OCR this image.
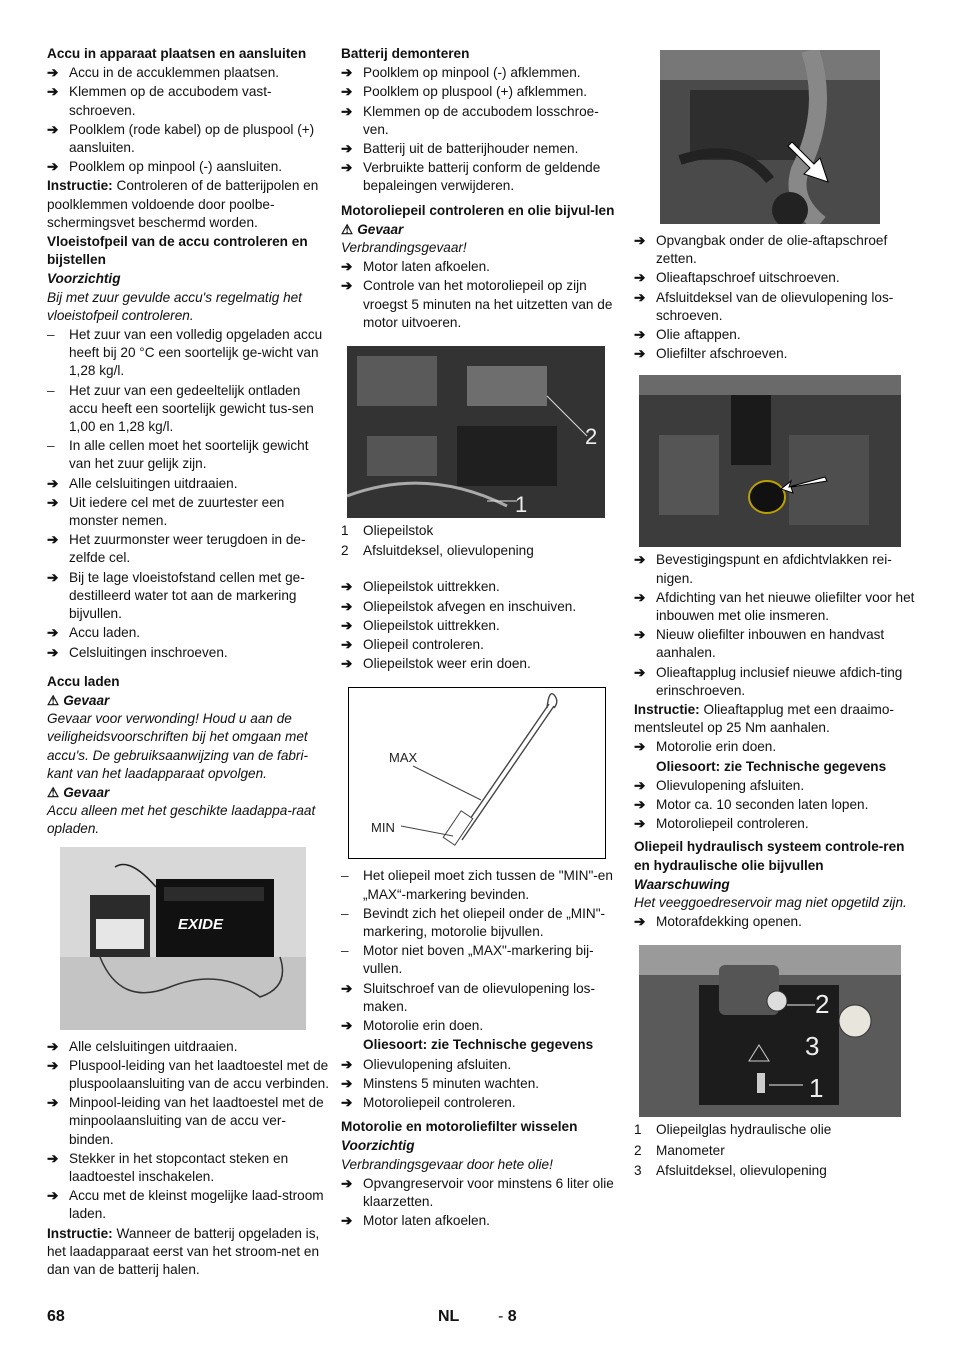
Accu in apparaat plaatsen en aansluiten
➔ Accu in de accuklemmen plaatsen.
➔ Klemmen op de accubodem vast-schroeven.
➔ Poolklem (rode kabel) op de pluspool (+) aansluiten.
➔ Poolklem op minpool (-) aansluiten.
Instructie: Controleren of de batterijpolen en poolklemmen voldoende door poolbe-schermingsvet beschermd worden.
Vloeistofpeil van de accu controleren en bijstellen
Voorzichtig
Bij met zuur gevulde accu's regelmatig het vloeistofpeil controleren.
–	Het zuur van een volledig opgeladen accu heeft bij 20 °C een soortelijk ge-wicht van 1,28 kg/l.
–	Het zuur van een gedeeltelijk ontladen accu heeft een soortelijk gewicht tus-sen 1,00 en 1,28 kg/l.
–	In alle cellen moet het soortelijk gewicht van het zuur gelijk zijn.
➔ Alle celsluitingen uitdraaien.
➔ Uit iedere cel met de zuurtester een monster nemen.
➔ Het zuurmonster weer terugdoen in de-zelfde cel.
➔ Bij te lage vloeistofstand cellen met ge-destilleerd water tot aan de markering bijvullen.
➔ Accu laden.
➔ Celsluitingen inschroeven.
Accu laden
⚠ Gevaar
Gevaar voor verwonding! Houd u aan de veiligheidsvoorschriften bij het omgaan met accu's. De gebruiksaanwijzing van de fabri-kant van het laadapparaat opvolgen.
⚠ Gevaar
Accu alleen met het geschikte laadappa-raat opladen.
EXIDE
➔ Alle celsluitingen uitdraaien.
➔ Pluspool-leiding van het laadtoestel met de pluspoolaansluiting van de accu verbinden.
➔ Minpool-leiding van het laadtoestel met de minpoolaansluiting van de accu ver-binden.
➔ Stekker in het stopcontact steken en laadtoestel inschakelen.
➔ Accu met de kleinst mogelijke laad-stroom laden.
Instructie: Wanneer de batterij opgeladen is, het laadapparaat eerst van het stroom-net en dan van de batterij halen.
Batterij demonteren
➔ Poolklem op minpool (-) afklemmen.
➔ Poolklem op pluspool (+) afklemmen.
➔ Klemmen op de accubodem losschroe-ven.
➔ Batterij uit de batterijhouder nemen.
➔ Verbruikte batterij conform de geldende bepaleingen verwijderen.
Motoroliepeil controleren en olie bijvul-len
⚠ Gevaar
Verbrandingsgevaar!
➔ Motor laten afkoelen.
➔ Controle van het motoroliepeil op zijn vroegst 5 minuten na het uitzetten van de motor uitvoeren.
2
1
1 Oliepeilstok
2 Afsluitdeksel, olievulopening
➔ Oliepeilstok uittrekken.
➔ Oliepeilstok afvegen en inschuiven.
➔ Oliepeilstok uittrekken.
➔ Oliepeil controleren.
➔ Oliepeilstok weer erin doen.
MAX
MIN
–	Het oliepeil moet zich tussen de "MIN"-en „MAX“-markering bevinden.
–	Bevindt zich het oliepeil onder de „MIN"-markering, motorolie bijvullen.
–	Motor niet boven „MAX"-markering bij-vullen.
➔ Sluitschroef van de olievulopening los-maken.
➔ Motorolie erin doen.
Oliesoort: zie Technische gegevens
➔ Olievulopening afsluiten.
➔ Minstens 5 minuten wachten.
➔ Motoroliepeil controleren.
Motorolie en motoroliefilter wisselen
Voorzichtig
Verbrandingsgevaar door hete olie!
➔ Opvangreservoir voor minstens 6 liter olie klaarzetten.
➔ Motor laten afkoelen.
➔ Opvangbak onder de olie-aftapschroef zetten.
➔ Olieaftapschroef uitschroeven.
➔ Afsluitdeksel van de olievulopening los-schroeven.
➔ Olie aftappen.
➔ Oliefilter afschroeven.
➔ Bevestigingspunt en afdichtvlakken rei-nigen.
➔ Afdichting van het nieuwe oliefilter voor het inbouwen met olie insmeren.
➔ Nieuw oliefilter inbouwen en handvast aanhalen.
➔ Olieaftapplug inclusief nieuwe afdich-ting erinschroeven.
Instructie: Olieaftapplug met een draaimo-mentsleutel op 25 Nm aanhalen.
➔ Motorolie erin doen.
Oliesoort: zie Technische gegevens
➔ Olievulopening afsluiten.
➔ Motor ca. 10 seconden laten lopen.
➔ Motoroliepeil controleren.
Oliepeil hydraulisch systeem controle-ren en hydraulische olie bijvullen
Waarschuwing
Het veeggoedreservoir mag niet opgetild zijn.
➔ Motorafdekking openen.
2
3
1
1 Oliepeilglas hydraulische olie
2 Manometer
3 Afsluitdeksel, olievulopening
68	NL - 8
